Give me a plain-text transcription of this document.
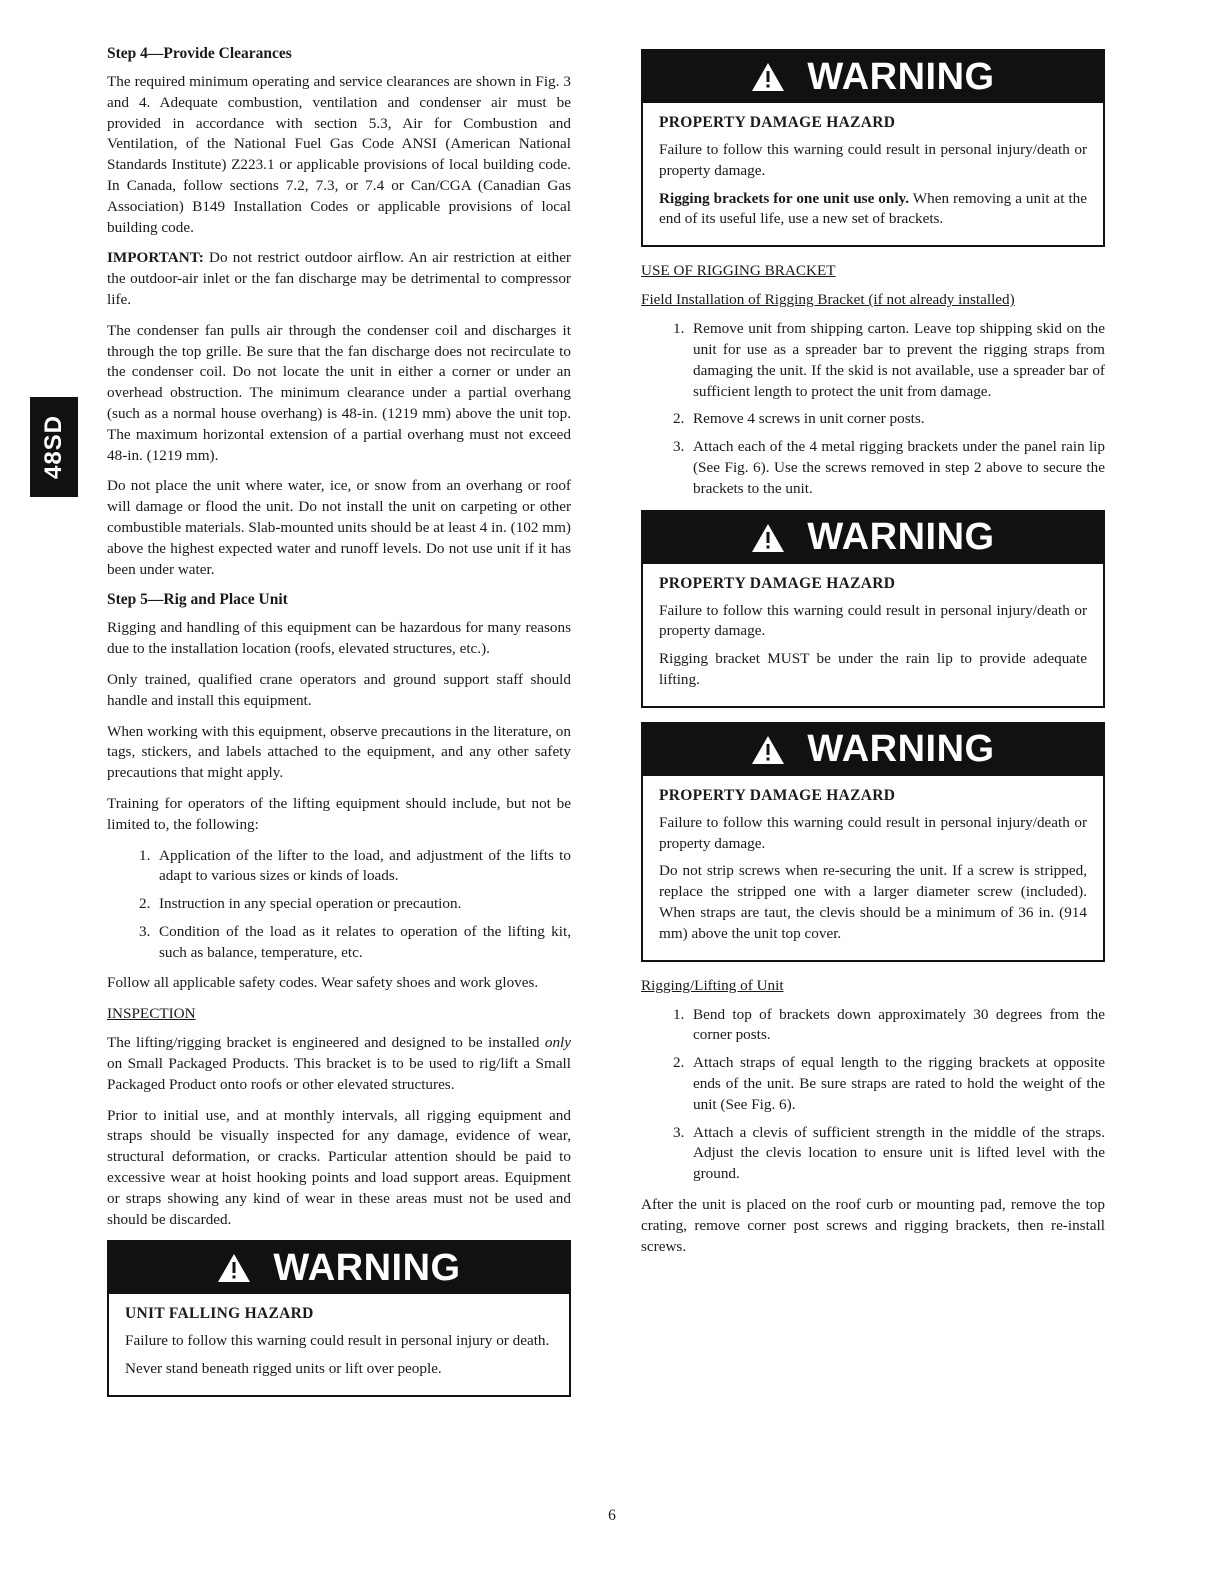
48SD
Step 4—Provide Clearances

The required minimum operating and service clearances are shown in Fig. 3 and 4. Adequate combustion, ventilation and condenser air must be provided in accordance with section 5.3, Air for Combustion and Ventilation, of the National Fuel Gas Code ANSI (American National Standards Institute) Z223.1 or applicable provisions of local building code. In Canada, follow sections 7.2, 7.3, or 7.4 or Can/CGA (Canadian Gas Association) B149 Installation Codes or applicable provisions of local building code.

IMPORTANT: Do not restrict outdoor airflow. An air restriction at either the outdoor-air inlet or the fan discharge may be detrimental to compressor life.

The condenser fan pulls air through the condenser coil and discharges it through the top grille. Be sure that the fan discharge does not recirculate to the condenser coil. Do not locate the unit in either a corner or under an overhead obstruction. The minimum clearance under a partial overhang (such as a normal house overhang) is 48-in. (1219 mm) above the unit top. The maximum horizontal extension of a partial overhang must not exceed 48-in. (1219 mm).

Do not place the unit where water, ice, or snow from an overhang or roof will damage or flood the unit. Do not install the unit on carpeting or other combustible materials. Slab-mounted units should be at least 4 in. (102 mm) above the highest expected water and runoff levels. Do not use unit if it has been under water.

Step 5—Rig and Place Unit

Rigging and handling of this equipment can be hazardous for many reasons due to the installation location (roofs, elevated structures, etc.).

Only trained, qualified crane operators and ground support staff should handle and install this equipment.

When working with this equipment, observe precautions in the literature, on tags, stickers, and labels attached to the equipment, and any other safety precautions that might apply.

Training for operators of the lifting equipment should include, but not be limited to, the following:

1. Application of the lifter to the load, and adjustment of the lifts to adapt to various sizes or kinds of loads.
2. Instruction in any special operation or precaution.
3. Condition of the load as it relates to operation of the lifting kit, such as balance, temperature, etc.

Follow all applicable safety codes. Wear safety shoes and work gloves.

INSPECTION

The lifting/rigging bracket is engineered and designed to be installed only on Small Packaged Products. This bracket is to be used to rig/lift a Small Packaged Product onto roofs or other elevated structures.

Prior to initial use, and at monthly intervals, all rigging equipment and straps should be visually inspected for any damage, evidence of wear, structural deformation, or cracks. Particular attention should be paid to excessive wear at hoist hooking points and load support areas. Equipment or straps showing any kind of wear in these areas must not be used and should be discarded.

WARNING
UNIT FALLING HAZARD

Failure to follow this warning could result in personal injury or death.

Never stand beneath rigged units or lift over people.

WARNING
PROPERTY DAMAGE HAZARD

Failure to follow this warning could result in personal injury/death or property damage.

Rigging brackets for one unit use only. When removing a unit at the end of its useful life, use a new set of brackets.

USE OF RIGGING BRACKET
Field Installation of Rigging Bracket (if not already installed)
1. Remove unit from shipping carton. Leave top shipping skid on the unit for use as a spreader bar to prevent the rigging straps from damaging the unit. If the skid is not available, use a spreader bar of sufficient length to protect the unit from damage.
2. Remove 4 screws in unit corner posts.
3. Attach each of the 4 metal rigging brackets under the panel rain lip (See Fig. 6). Use the screws removed in step 2 above to secure the brackets to the unit.
WARNING
PROPERTY DAMAGE HAZARD

Failure to follow this warning could result in personal injury/death or property damage.

Rigging bracket MUST be under the rain lip to provide adequate lifting.

WARNING
PROPERTY DAMAGE HAZARD

Failure to follow this warning could result in personal injury/death or property damage.

Do not strip screws when re-securing the unit. If a screw is stripped, replace the stripped one with a larger diameter screw (included). When straps are taut, the clevis should be a minimum of 36 in. (914 mm) above the unit top cover.

Rigging/Lifting of Unit
1. Bend top of brackets down approximately 30 degrees from the corner posts.
2. Attach straps of equal length to the rigging brackets at opposite ends of the unit. Be sure straps are rated to hold the weight of the unit (See Fig. 6).
3. Attach a clevis of sufficient strength in the middle of the straps. Adjust the clevis location to ensure unit is lifted level with the ground.

After the unit is placed on the roof curb or mounting pad, remove the top crating, remove corner post screws and rigging brackets, then re-install screws.

6
